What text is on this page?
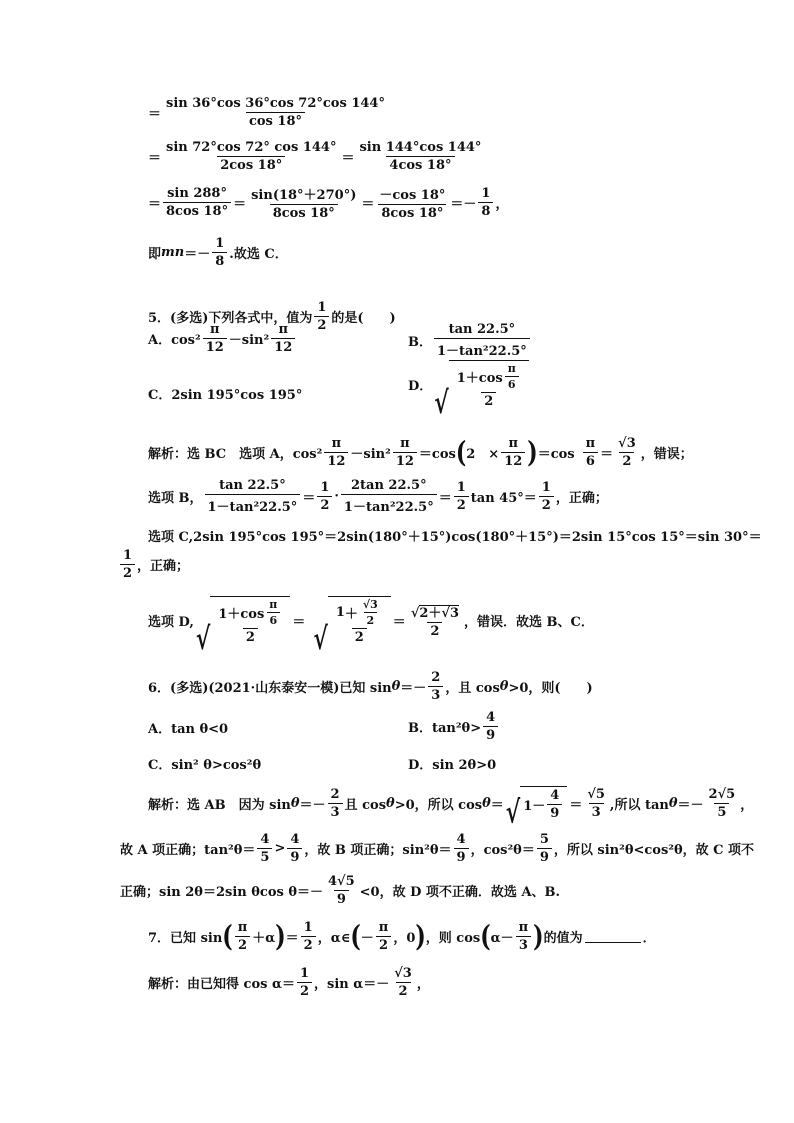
＝ $\frac{\sin 36^\circ\cos 36^\circ\cos 72^\circ\cos 144^\circ}{\cos 18^\circ}$
＝ $\frac{\sin 72^\circ\cos 72^\circ \cos 144^\circ}{2\cos 18^\circ} = \frac{\sin 144^\circ\cos 144^\circ}{4\cos 18^\circ}$
＝ $\frac{\sin 288^\circ}{8\cos 18^\circ} = \frac{\sin(18^\circ+270^\circ)}{8\cos 18^\circ} = \frac{-\cos 18^\circ}{8\cos 18^\circ} =- \frac{1}{8}$ ，
即 mn ＝－ $\frac{1}{8}$ .故选 C．
5．(多选)下列各式中，值为 $\frac{1}{2}$ 的是(　　)
A．$\cos^2 \frac{\pi}{12} -\sin^2 \frac{\pi}{12}$	B． $\frac{\tan 22.5^\circ}{\text{1－tan²22.5°}}$
C．2sin 195°cos 195°
D． √ $\frac{1+\cos \frac{\pi}{6}}{2}$
解析：选 BC　选项 A，$\cos^2 \frac{\pi}{12} -\sin^2 \frac{\pi}{12} =\cos$ ( 2　× $\frac{\pi}{12}$ ) $=\cos \frac{\pi}{6} = \frac{√3}{2}$ ，错误；
选项 B， $\frac{\tan 22.5^\circ}{\text{1－tan²22.5°}} = \frac{1}{2} \cdot \frac{2\tan 22.5^\circ}{\text{1－tan²22.5°}} = \frac{1}{2}$ $\tan 45^\circ= \frac{1}{2}$ ，正确；
选项 C,2sin 195°cos 195°＝2sin(180°＋15°)cos(180°＋15°)＝2sin 15°cos 15°＝sin 30°＝
$\frac{1}{2}$ ，正确；
选项 D, √ $\frac{1+\cos \frac{\pi}{6}}{2}$ ＝ √ $\frac{1 + \frac{√3}{2}}{2} = \frac{√2+√3}{2}$ ，错误．故选 B、C．
6．(多选)(2021·山东泰安一模)已知 $\sin \theta =- \frac{2}{3}$ ，且 cos θ >0，则(　　)
A．tan θ<0	B．$\tan^2\theta> \frac{4}{9}$
C．sin² θ>cos²θ	D．sin 2θ>0
解析：选 AB　因为 $\sin \theta =- \frac{2}{3}$ 且 cos θ >0，所以 cos θ ＝ √ $1- \frac{4}{9} = \frac{√5}{3}$ ,所以 $\tan \theta =- \frac{2√5}{5}$ ，
故 A 项正确；$\tan^2\theta= \frac{4}{5} > \frac{4}{9}$ ，故 B 项正确；$\sin^2\theta= \frac{4}{9}$ ，$\cos^2\theta= \frac{5}{9}$ ，所以 sin²θ<cos²θ，故 C 项不
正确；sin 2θ＝2sin θcos $\theta=- \frac{4√5}{9} <0$，故 D 项不正确．故选 A、B.
7．已知 sin ( $\frac{\pi}{2} +\alpha$ ) ＝ $\frac{1}{2}$ ，α∈ ( － $\frac{\pi}{2}$ ，0 ) ，则 cos ( $\alpha- \frac{\pi}{3}$ ) 的值为	．
解析：由已知得 $\cos \alpha= \frac{1}{2}$ ，$\sin \alpha=- \frac{√3}{2}$ ，
